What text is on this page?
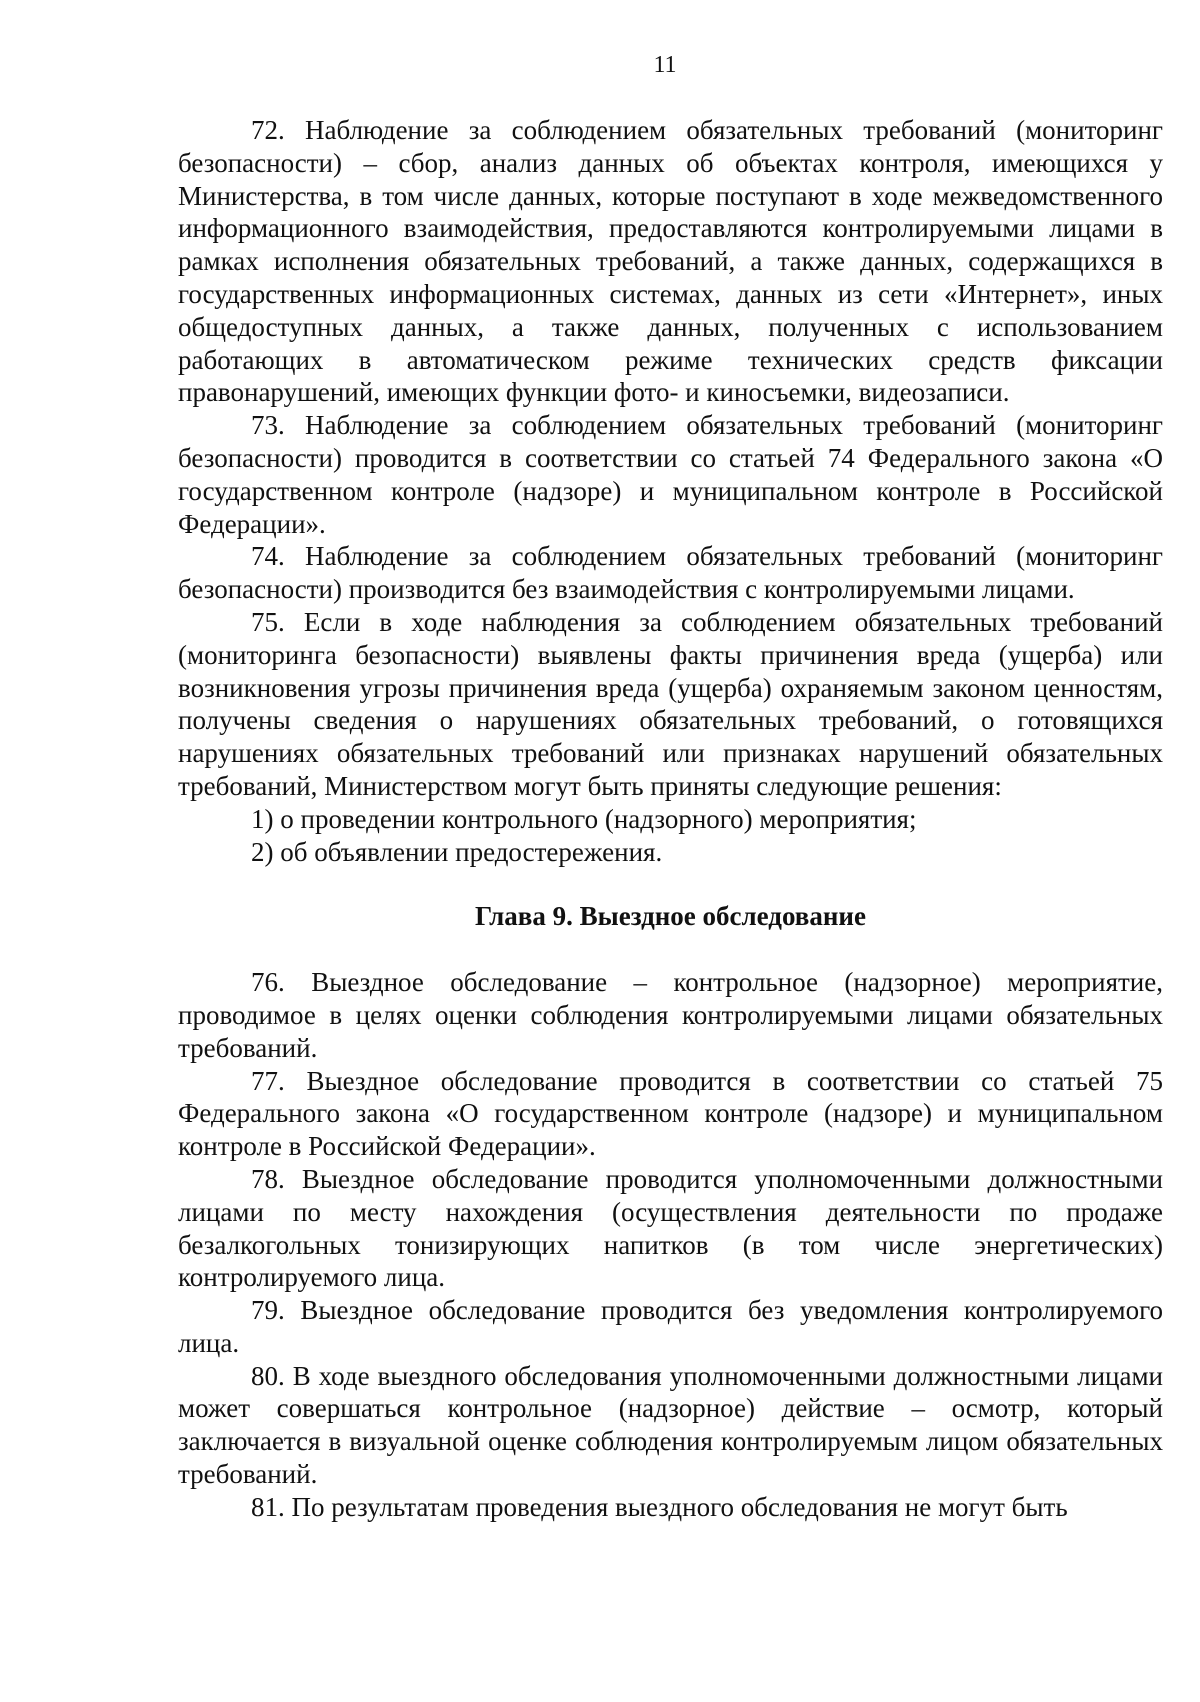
11

72. Наблюдение за соблюдением обязательных требований (мониторинг безопасности) – сбор, анализ данных об объектах контроля, имеющихся у Министерства, в том числе данных, которые поступают в ходе межведомственного информационного взаимодействия, предоставляются контролируемыми лицами в рамках исполнения обязательных требований, а также данных, содержащихся в государственных информационных системах, данных из сети «Интернет», иных общедоступных данных, а также данных, полученных с использованием работающих в автоматическом режиме технических средств фиксации правонарушений, имеющих функции фото- и киносъемки, видеозаписи.

73. Наблюдение за соблюдением обязательных требований (мониторинг безопасности) проводится в соответствии со статьей 74 Федерального закона «О государственном контроле (надзоре) и муниципальном контроле в Российской Федерации».

74. Наблюдение за соблюдением обязательных требований (мониторинг безопасности) производится без взаимодействия с контролируемыми лицами.

75. Если в ходе наблюдения за соблюдением обязательных требований (мониторинга безопасности) выявлены факты причинения вреда (ущерба) или возникновения угрозы причинения вреда (ущерба) охраняемым законом ценностям, получены сведения о нарушениях обязательных требований, о готовящихся нарушениях обязательных требований или признаках нарушений обязательных требований, Министерством могут быть приняты следующие решения:

1) о проведении контрольного (надзорного) мероприятия;

2) об объявлении предостережения.

Глава 9. Выездное обследование

76. Выездное обследование – контрольное (надзорное) мероприятие, проводимое в целях оценки соблюдения контролируемыми лицами обязательных требований.

77. Выездное обследование проводится в соответствии со статьей 75 Федерального закона «О государственном контроле (надзоре) и муниципальном контроле в Российской Федерации».

78. Выездное обследование проводится уполномоченными должностными лицами по месту нахождения (осуществления деятельности по продаже безалкогольных тонизирующих напитков (в том числе энергетических) контролируемого лица.

79. Выездное обследование проводится без уведомления контролируемого лица.

80. В ходе выездного обследования уполномоченными должностными лицами может совершаться контрольное (надзорное) действие – осмотр, который заключается в визуальной оценке соблюдения контролируемым лицом обязательных требований.

81. По результатам проведения выездного обследования не могут быть
